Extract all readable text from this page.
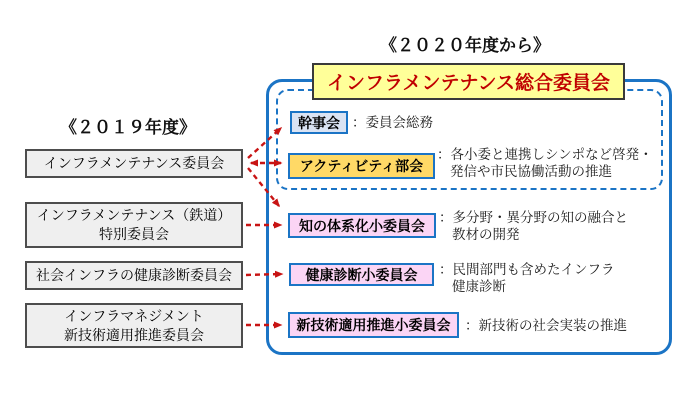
《２０２０年度から》
《２０１９年度》
インフラメンテナンス総合委員会
幹事会 ：委員会総務
アクティビティ部会
：各小委と連携しシンポなど啓発・
発信や市民協働活動の推進
知の体系化小委員会	：多分野・異分野の知の融合と
教材の開発
健康診断小委員会	：民間部門も含めたインフラ
健康診断
新技術適用推進小委員会	：新技術の社会実装の推進
インフラメンテナンス委員会
インフラメンテナンス（鉄道）
特別委員会
社会インフラの健康診断委員会
インフラマネジメント
新技術適用推進委員会
